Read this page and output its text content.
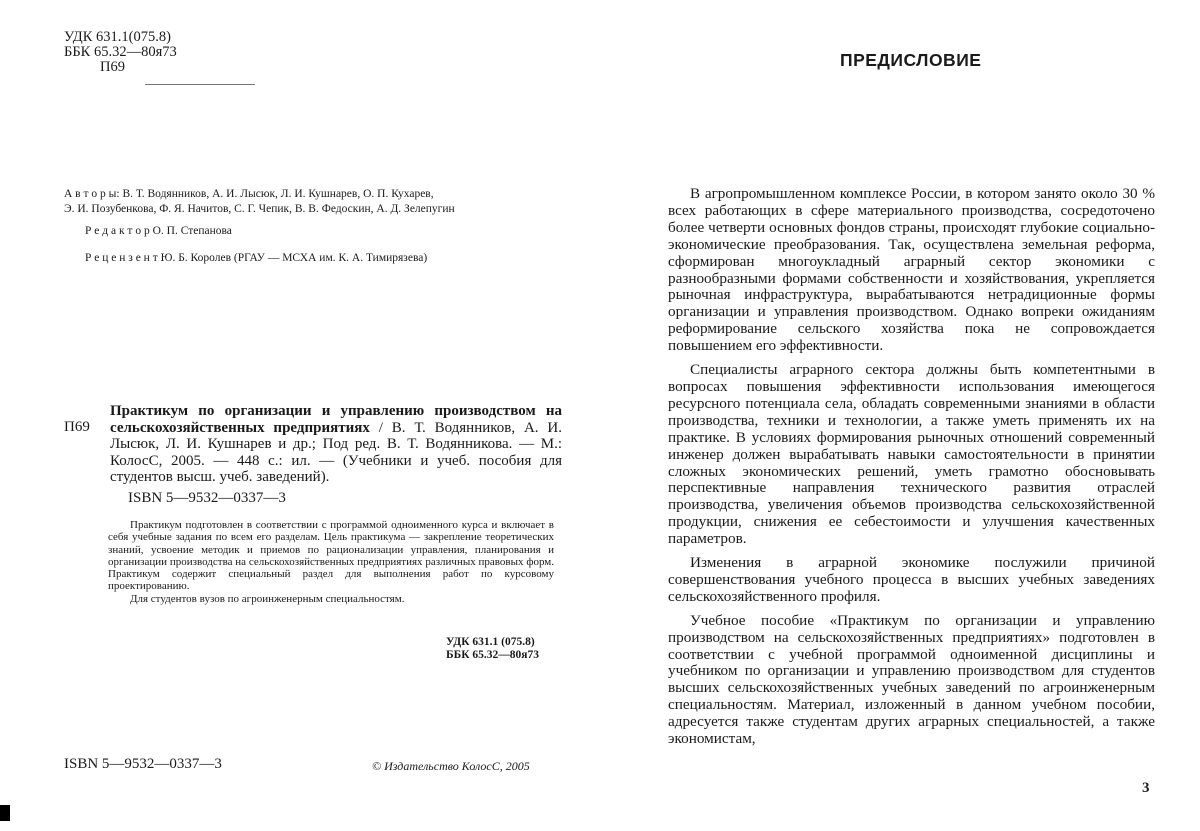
УДК 631.1(075.8)
ББК 65.32—80я73
П69
А в т о р ы: В. Т. Водянников, А. И. Лысюк, Л. И. Кушнарев, О. П. Кухарев,
Э. И. Позубенкова, Ф. Я. Начитов, С. Г. Чепик, В. В. Федоскин, А. Д. Зелепугин
Р е д а к т о р О. П. Степанова
Р е ц е н з е н т Ю. Б. Королев (РГАУ — МСХА им. К. А. Тимирязева)
П69
Практикум по организации и управлению производством на сельскохозяйственных предприятиях / В. Т. Водянников, А. И. Лысюк, Л. И. Кушнарев и др.; Под ред. В. Т. Водянникова. — М.: КолосС, 2005. — 448 с.: ил. — (Учебники и учеб. пособия для студентов высш. учеб. заведений).
ISBN 5—9532—0337—3

Практикум подготовлен в соответствии с программой одноименного курса и включает в себя учебные задания по всем его разделам. Цель практикума — закрепление теоретических знаний, усвоение методик и приемов по рационализации управления, планирования и организации производства на сельскохозяйственных предприятиях различных правовых форм. Практикум содержит специальный раздел для выполнения работ по курсовому проектированию.

Для студентов вузов по агроинженерным специальностям.

УДК 631.1 (075.8)
ББК 65.32—80я73
ISBN 5—9532—0337—3	© Издательство КолосС, 2005
ПРЕДИСЛОВИЕ

В агропромышленном комплексе России, в котором занято около 30 % всех работающих в сфере материального производства, сосредоточено более четверти основных фондов страны, происходят глубокие социально-экономические преобразования. Так, осуществлена земельная реформа, сформирован многоукладный аграрный сектор экономики с разнообразными формами собственности и хозяйствования, укрепляется рыночная инфраструктура, вырабатываются нетрадиционные формы организации и управления производством. Однако вопреки ожиданиям реформирование сельского хозяйства пока не сопровождается повышением его эффективности.

Специалисты аграрного сектора должны быть компетентными в вопросах повышения эффективности использования имеющегося ресурсного потенциала села, обладать современными знаниями в области производства, техники и технологии, а также уметь применять их на практике. В условиях формирования рыночных отношений современный инженер должен вырабатывать навыки самостоятельности в принятии сложных экономических решений, уметь грамотно обосновывать перспективные направления технического развития отраслей производства, увеличения объемов производства сельскохозяйственной продукции, снижения ее себестоимости и улучшения качественных параметров.

Изменения в аграрной экономике послужили причиной совершенствования учебного процесса в высших учебных заведениях сельскохозяйственного профиля.

Учебное пособие «Практикум по организации и управлению производством на сельскохозяйственных предприятиях» подготовлен в соответствии с учебной программой одноименной дисциплины и учебником по организации и управлению производством для студентов высших сельскохозяйственных учебных заведений по агроинженерным специальностям. Материал, изложенный в данном учебном пособии, адресуется также студентам других аграрных специальностей, а также экономистам,

3
